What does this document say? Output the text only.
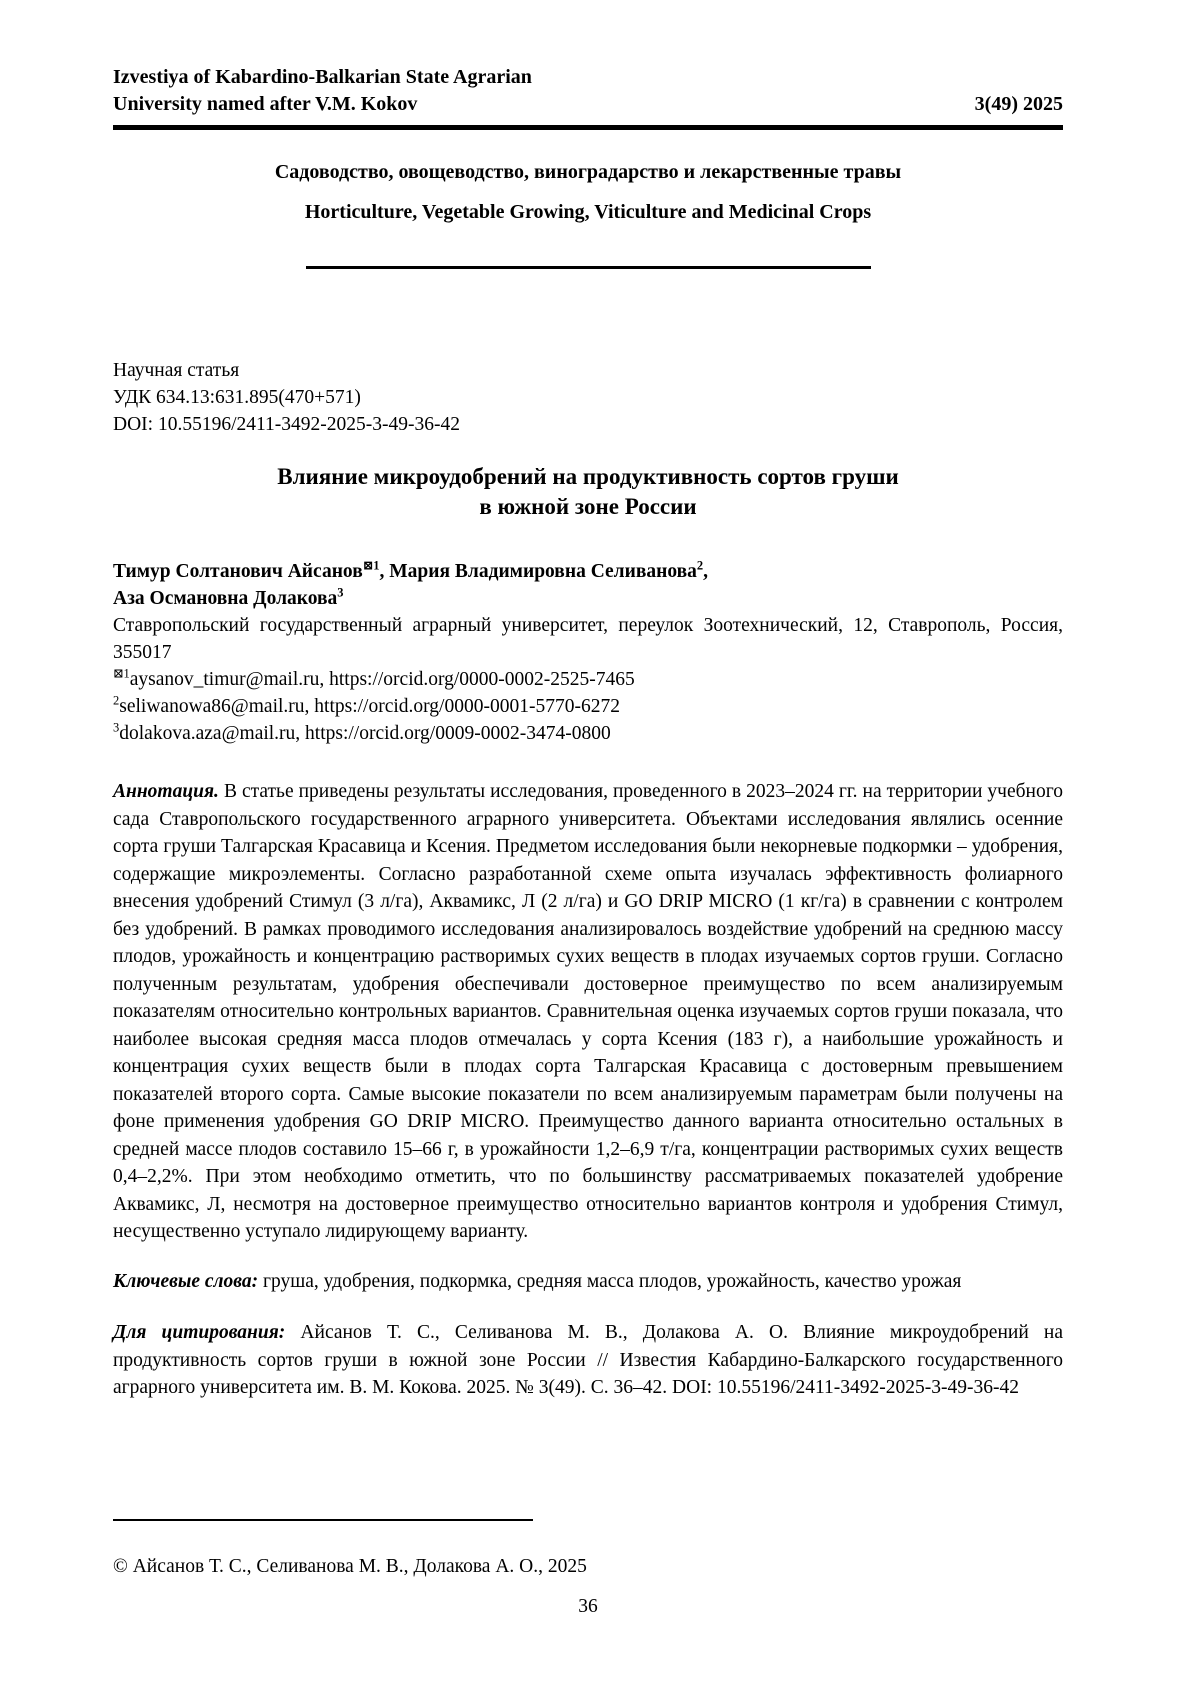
Izvestiya of Kabardino-Balkarian State Agrarian
University named after V.M. Kokov	3(49) 2025
Садоводство, овощеводство, виноградарство и лекарственные травы
Horticulture, Vegetable Growing, Viticulture and Medicinal Crops
Научная статья
УДК 634.13:631.895(470+571)
DOI: 10.55196/2411-3492-2025-3-49-36-42
Влияние микроудобрений на продуктивность сортов груши
в южной зоне России
Тимур Солтанович Айсанов$^{⊠1}$, Мария Владимировна Селиванова$^2$,
Аза Османовна Долакова$^3$
Ставропольский государственный аграрный университет, переулок Зоотехнический, 12, Ставрополь, Россия, 355017
$^{⊠1}$aysanov_timur@mail.ru, https://orcid.org/0000-0002-2525-7465
$^2$seliwanowa86@mail.ru, https://orcid.org/0000-0001-5770-6272
$^3$dolakova.aza@mail.ru, https://orcid.org/0009-0002-3474-0800

Аннотация. В статье приведены результаты исследования, проведенного в 2023–2024 гг. на территории учебного сада Ставропольского государственного аграрного университета. Объектами исследования являлись осенние сорта груши Талгарская Красавица и Ксения. Предметом исследования были некорневые подкормки – удобрения, содержащие микроэлементы. Согласно разработанной схеме опыта изучалась эффективность фолиарного внесения удобрений Стимул (3 л/га), Аквамикс, Л (2 л/га) и GO DRIP MICRO (1 кг/га) в сравнении с контролем без удобрений. В рамках проводимого исследования анализировалось воздействие удобрений на среднюю массу плодов, урожайность и концентрацию растворимых сухих веществ в плодах изучаемых сортов груши. Согласно полученным результатам, удобрения обеспечивали достоверное преимущество по всем анализируемым показателям относительно контрольных вариантов. Сравнительная оценка изучаемых сортов груши показала, что наиболее высокая средняя масса плодов отмечалась у сорта Ксения (183 г), а наибольшие урожайность и концентрация сухих веществ были в плодах сорта Талгарская Красавица с достоверным превышением показателей второго сорта. Самые высокие показатели по всем анализируемым параметрам были получены на фоне применения удобрения GO DRIP MICRO. Преимущество данного варианта относительно остальных в средней массе плодов составило 15–66 г, в урожайности 1,2–6,9 т/га, концентрации растворимых сухих веществ 0,4–2,2%. При этом необходимо отметить, что по большинству рассматриваемых показателей удобрение Аквамикс, Л, несмотря на достоверное преимущество относительно вариантов контроля и удобрения Стимул, несущественно уступало лидирующему варианту.

Ключевые слова: груша, удобрения, подкормка, средняя масса плодов, урожайность, качество урожая

Для цитирования: Айсанов Т. С., Селиванова М. В., Долакова А. О. Влияние микроудобрений на продуктивность сортов груши в южной зоне России // Известия Кабардино-Балкарского государственного аграрного университета им. В. М. Кокова. 2025. № 3(49). С. 36–42. DOI: 10.55196/2411-3492-2025-3-49-36-42

© Айсанов Т. С., Селиванова М. В., Долакова А. О., 2025
36
